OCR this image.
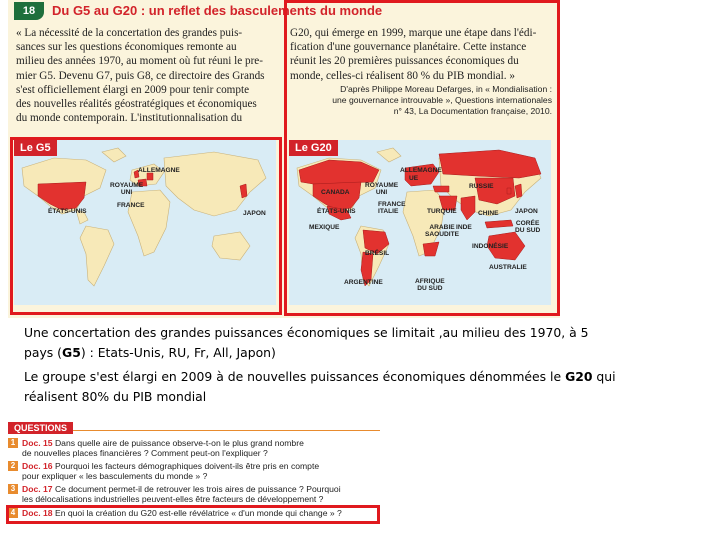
18	Du G5 au G20 : un reflet des basculements du monde

« La nécessité de la concertation des grandes puis-

sances sur les questions économiques remonte au

milieu des années 1970, au moment où fut réuni le pre-

mier G5. Devenu G7, puis G8, ce directoire des Grands

s'est officiellement élargi en 2009 pour tenir compte

des nouvelles réalités géostratégiques et économiques

du monde contemporain. L'institutionnalisation du

G20, qui émerge en 1999, marque une étape dans l'édi-

fication d'une gouvernance planétaire. Cette instance

réunit les 20 premières puissances économiques du

monde, celles-ci réalisent 80 % du PIB mondial. »

D'après Philippe Moreau Defarges, in « Mondialisation :
une gouvernance introuvable », Questions internationales
n° 43, La Documentation française, 2010.
Le G5
ALLEMAGNE
ROYAUME
UNI
FRANCE
ÉTATS-UNIS	JAPON
Le G20
ALLEMAGNE
UE
CANADA
ROYAUME
UNI
FRANCE
ITALIE
ÉTATS-UNIS
MEXIQUE
RUSSIE
TURQUIE	CHINE JAPON
ARABIE
SAOUDITE
INDE
CORÉE
DU SUD
INDONÉSIE
BRÉSIL
ARGENTINE	AFRIQUE
DU SUD
AUSTRALIE
Une concertation des grandes puissances économiques se limitait ,au milieu des 1970, à 5
pays (G5) : Etats-Unis, RU, Fr, All, Japon)
Le groupe s'est élargi en 2009 à de nouvelles puissances économiques dénommées le G20 qui
réalisent 80% du PIB mondial
QUESTIONS
1 Doc. 15 Dans quelle aire de puissance observe-t-on le plus grand nombre
de nouvelles places financières ? Comment peut-on l'expliquer ?
2 Doc. 16 Pourquoi les facteurs démographiques doivent-ils être pris en compte
pour expliquer « les basculements du monde » ?
3 Doc. 17 Ce document permet-il de retrouver les trois aires de puissance ? Pourquoi
les délocalisations industrielles peuvent-elles être facteurs de développement ?
4 Doc. 18 En quoi la création du G20 est-elle révélatrice « d'un monde qui change » ?
